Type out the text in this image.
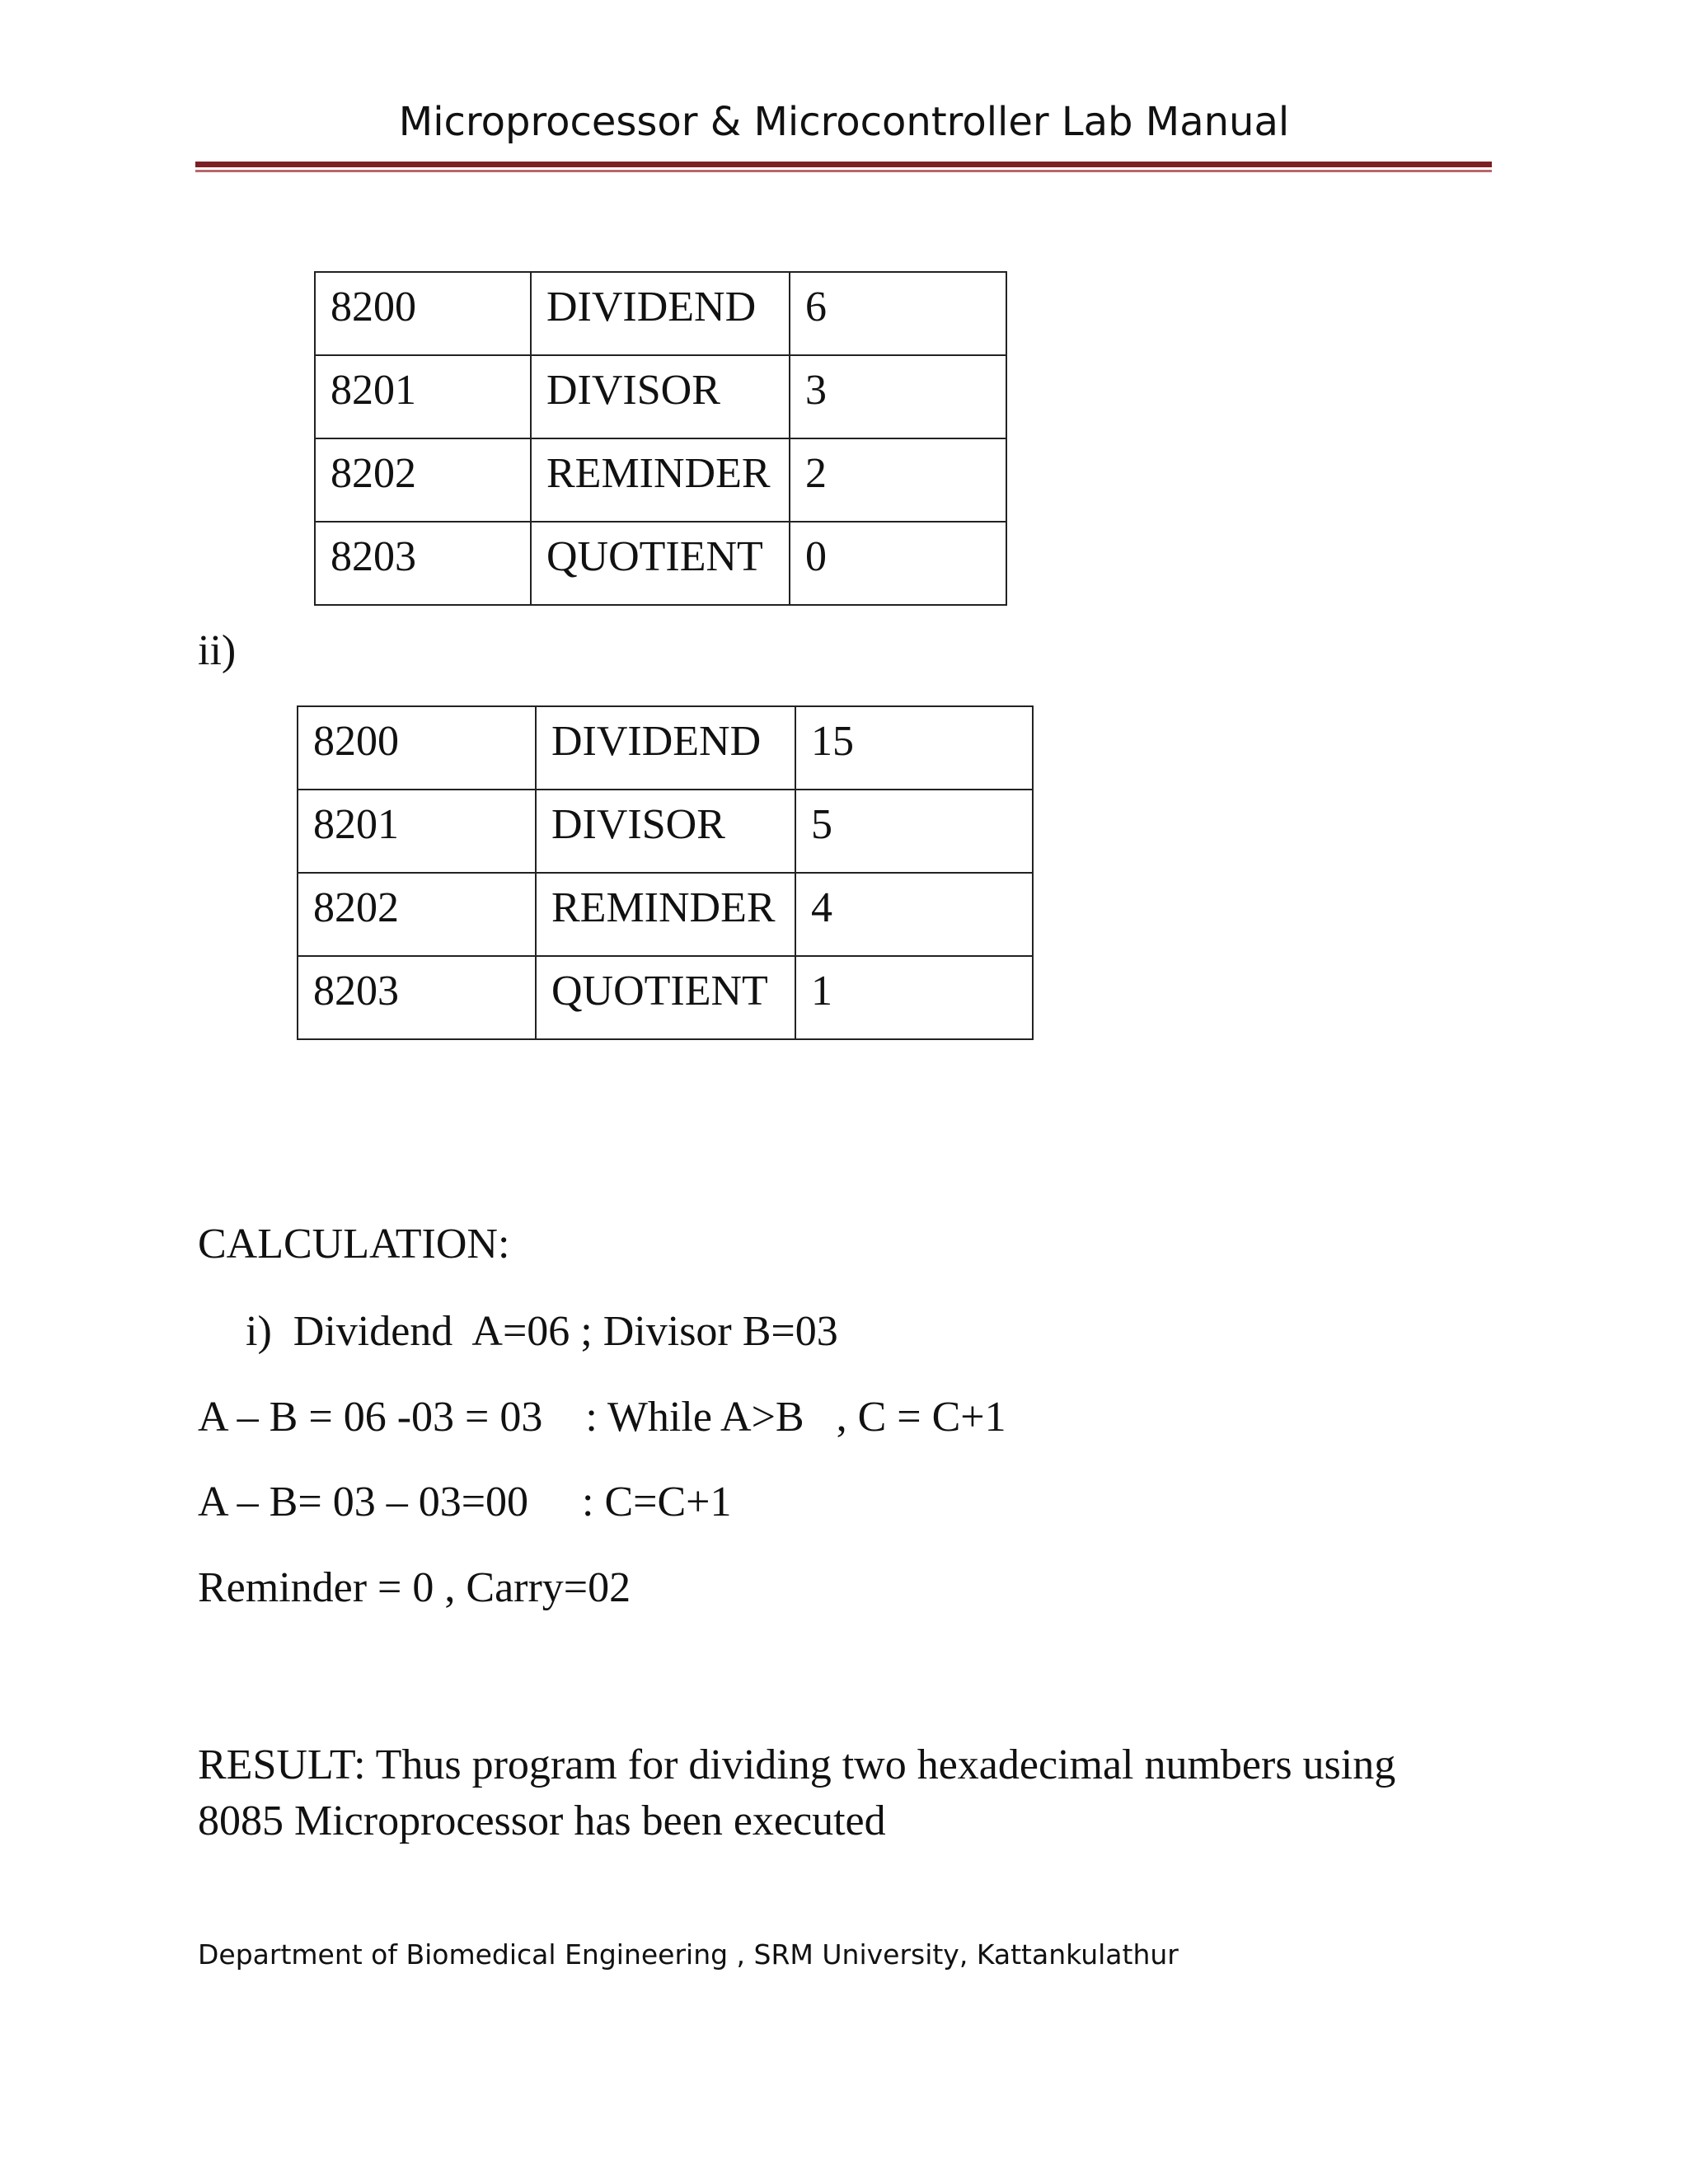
Microprocessor & Microcontroller Lab Manual
8200	DIVIDEND	6
8201	DIVISOR	3
8202	REMINDER	2
8203	QUOTIENT	0
ii)
8200	DIVIDEND	15
8201	DIVISOR	5
8202	REMINDER	4
8203	QUOTIENT	1
CALCULATION:
i)  Dividend  A=06 ; Divisor B=03
A – B = 06 -03 = 03    : While A>B   , C = C+1
A – B= 03 – 03=00     : C=C+1
Reminder = 0 , Carry=02
RESULT: Thus program for dividing two hexadecimal numbers using
8085 Microprocessor has been executed
Department of Biomedical Engineering , SRM University, Kattankulathur
